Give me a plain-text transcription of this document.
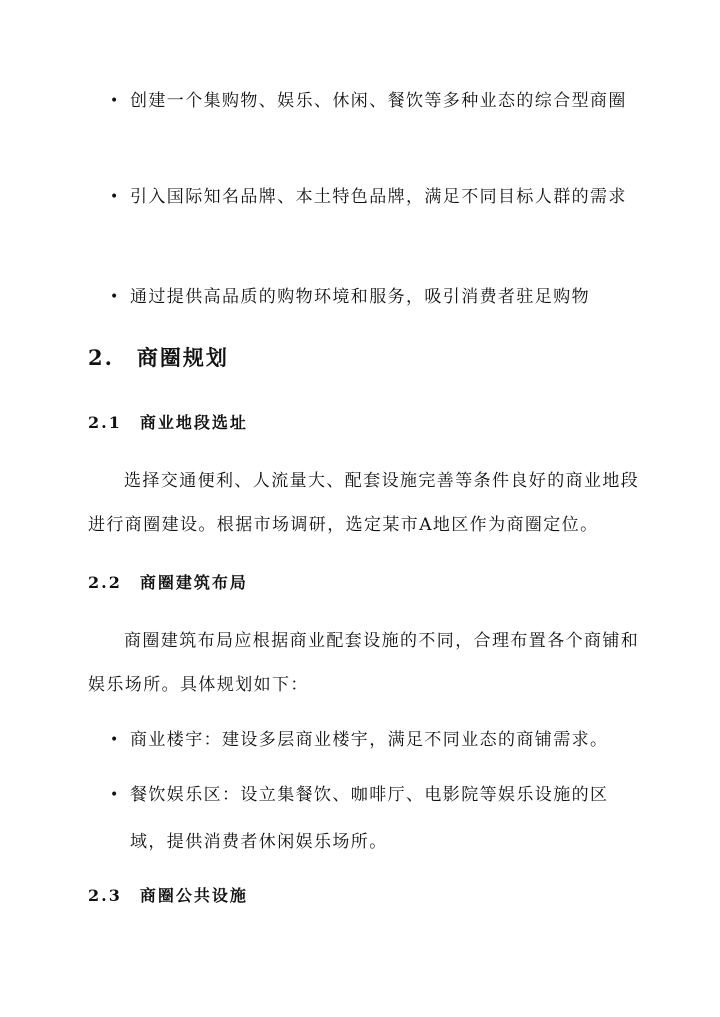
• 创建一个集购物、娱乐、休闲、餐饮等多种业态的综合型商圈
• 引入国际知名品牌、本土特色品牌，满足不同目标人群的需求
• 通过提供高品质的购物环境和服务，吸引消费者驻足购物
2.　商圈规划
2.1　商业地段选址

选择交通便利、人流量大、配套设施完善等条件良好的商业地段进行商圈建设。根据市场调研，选定某市A地区作为商圈定位。

2.2　商圈建筑布局

商圈建筑布局应根据商业配套设施的不同，合理布置各个商铺和娱乐场所。具体规划如下：

• 商业楼宇：建设多层商业楼宇，满足不同业态的商铺需求。
• 餐饮娱乐区：设立集餐饮、咖啡厅、电影院等娱乐设施的区域，提供消费者休闲娱乐场所。
2.3　商圈公共设施
